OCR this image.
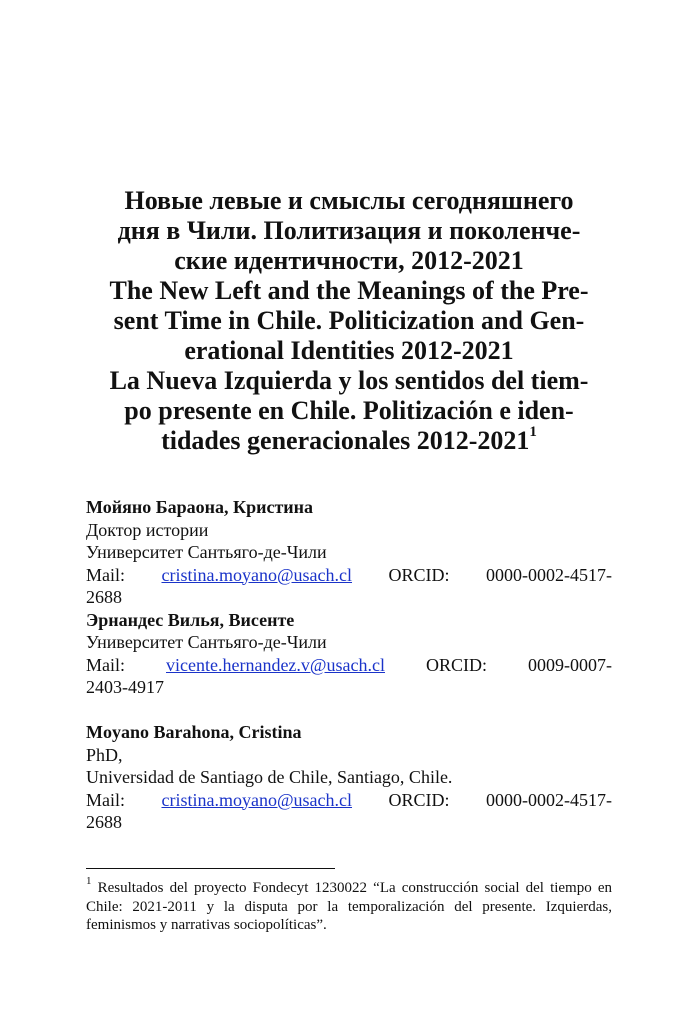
Новые левые и смыслы сегодняшнего
дня в Чили. Политизация и поколенче-
ские идентичности, 2012-2021
The New Left and the Meanings of the Pre-
sent Time in Chile. Politicization and Gen-
erational Identities 2012-2021
La Nueva Izquierda y los sentidos del tiem-
po presente en Chile. Politización e iden-
tidades generacionales 2012-2021$^1$
Мойяно Бараона, Кристина
Доктор истории
Университет Сантьяго-де-Чили
Mail: cristina.moyano@usach.cl ORCID: 0000-0002-4517-
2688
Эрнандес Вилья, Висенте
Университет Сантьяго-де-Чили
Mail: vicente.hernandez.v@usach.cl ORCID: 0009-0007-
2403-4917
Moyano Barahona, Cristina
PhD,
Universidad de Santiago de Chile, Santiago, Chile.
Mail: cristina.moyano@usach.cl ORCID: 0000-0002-4517-
2688
$^1$ Resultados del proyecto Fondecyt 1230022 “La construcción social del tiempo en Chile: 2021-2011 y la disputa por la temporalización del presente. Izquierdas, feminismos y narrativas sociopolíticas”.
